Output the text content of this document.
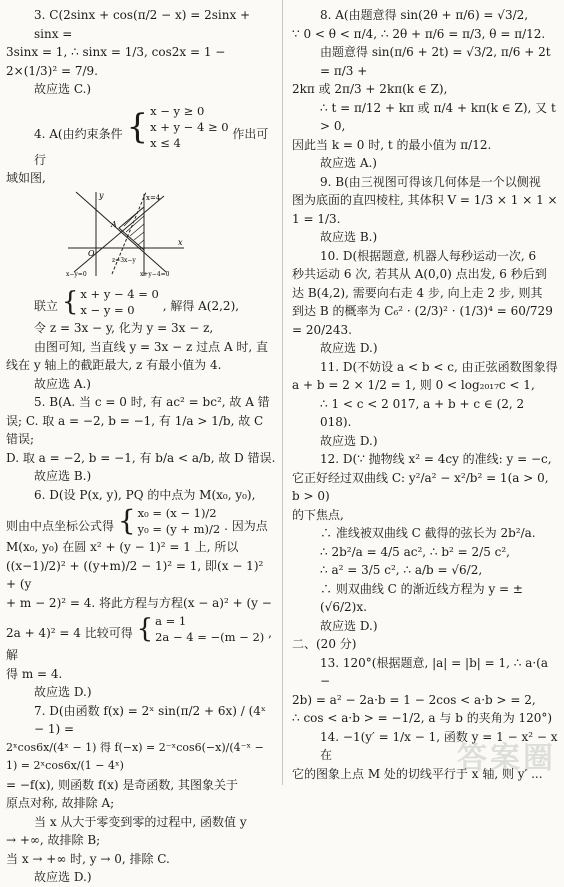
3. C(2sinx + cos(π/2 − x) = 2sinx + sinx =

3sinx = 1, ∴ sinx = 1/3, cos2x = 1 − 2×(1/3)² = 7/9.

故应选 C.)

4. A(由约束条件 { x − y ≥ 0
x + y − 4 ≥ 0
x ≤ 4
作出可行

域如图,

x=4
y
x
A
O
z=3x−y
x−y=0	x+y−4=0

联立 { x + y − 4 = 0
x − y = 0	, 解得 A(2,2),

令 z = 3x − y, 化为 y = 3x − z,

由图可知, 当直线 y = 3x − z 过点 A 时, 直

线在 y 轴上的截距最大, z 有最小值为 4.

故应选 A.)

5. B(A. 当 c = 0 时, 有 ac² = bc², 故 A 错

误; C. 取 a = −2, b = −1, 有 1/a > 1/b, 故 C 错误;

D. 取 a = −2, b = −1, 有 b/a < a/b, 故 D 错误.

故应选 B.)

6. D(设 P(x, y), PQ 的中点为 M(x₀, y₀),

则由中点坐标公式得 { x₀ = (x − 1)/2
y₀ = (y + m)/2 . 因为点

M(x₀, y₀) 在圆 x² + (y − 1)² = 1 上, 所以

((x−1)/2)² + ((y+m)/2 − 1)² = 1, 即(x − 1)² + (y

+ m − 2)² = 4. 将此方程与方程(x − a)² + (y −

2a + 4)² = 4 比较可得 { a = 1
2a − 4 = −(m − 2) , 解

得 m = 4.

故应选 D.)

7. D(由函数 f(x) = 2ˣ sin(π/2 + 6x) / (4ˣ − 1) =

2ˣcos6x/(4ˣ − 1) 得 f(−x) = 2⁻ˣcos6(−x)/(4⁻ˣ − 1) = 2ˣcos6x/(1 − 4ˣ)

= −f(x), 则函数 f(x) 是奇函数, 其图象关于

原点对称, 故排除 A;

当 x 从大于零变到零的过程中, 函数值 y

→ +∞, 故排除 B;

当 x → +∞ 时, y → 0, 排除 C.

故应选 D.)

8. A(由题意得 sin(2θ + π/6) = √3/2,

∵ 0 < θ < π/4, ∴ 2θ + π/6 = π/3, θ = π/12.

由题意得 sin(π/6 + 2t) = √3/2, π/6 + 2t = π/3 +

2kπ 或 2π/3 + 2kπ(k ∈ Z),

∴ t = π/12 + kπ 或 π/4 + kπ(k ∈ Z), 又 t > 0,

因此当 k = 0 时, t 的最小值为 π/12.

故应选 A.)

9. B(由三视图可得该几何体是一个以侧视

图为底面的直四棱柱, 其体积 V = 1/3 × 1 × 1 ×

1 = 1/3.

故应选 B.)

10. D(根据题意, 机器人每秒运动一次, 6

秒共运动 6 次, 若其从 A(0,0) 点出发, 6 秒后到

达 B(4,2), 需要向右走 4 步, 向上走 2 步, 则其

到达 B 的概率为 C₆² · (2/3)² · (1/3)⁴ = 60/729 = 20/243.

故应选 D.)

11. D(不妨设 a < b < c, 由正弦函数图象得

a + b = 2 × 1/2 = 1, 则 0 < log₂₀₁₇c < 1,

∴ 1 < c < 2 017, a + b + c ∈ (2, 2 018).

故应选 D.)

12. D(∵ 抛物线 x² = 4cy 的准线: y = −c,

它正好经过双曲线 C: y²/a² − x²/b² = 1(a > 0, b > 0)

的下焦点,

∴ 准线被双曲线 C 截得的弦长为 2b²/a.

∴ 2b²/a = 4/5 ac², ∴ b² = 2/5 c²,

∴ a² = 3/5 c², ∴ a/b = √6/2,

∴ 则双曲线 C 的渐近线方程为 y = ±(√6/2)x.

故应选 D.)

二、(20 分)

13. 120°(根据题意, |a| = |b| = 1, ∴ a·(a −

2b) = a² − 2a·b = 1 − 2cos < a·b > = 2,

∴ cos < a·b > = −1/2, a 与 b 的夹角为 120°)

14. −1(y′ = 1/x − 1, 函数 y = 1 − x² − x 在

它的图象上点 M 处的切线平行于 x 轴, 则 y′ ...

答案圈
